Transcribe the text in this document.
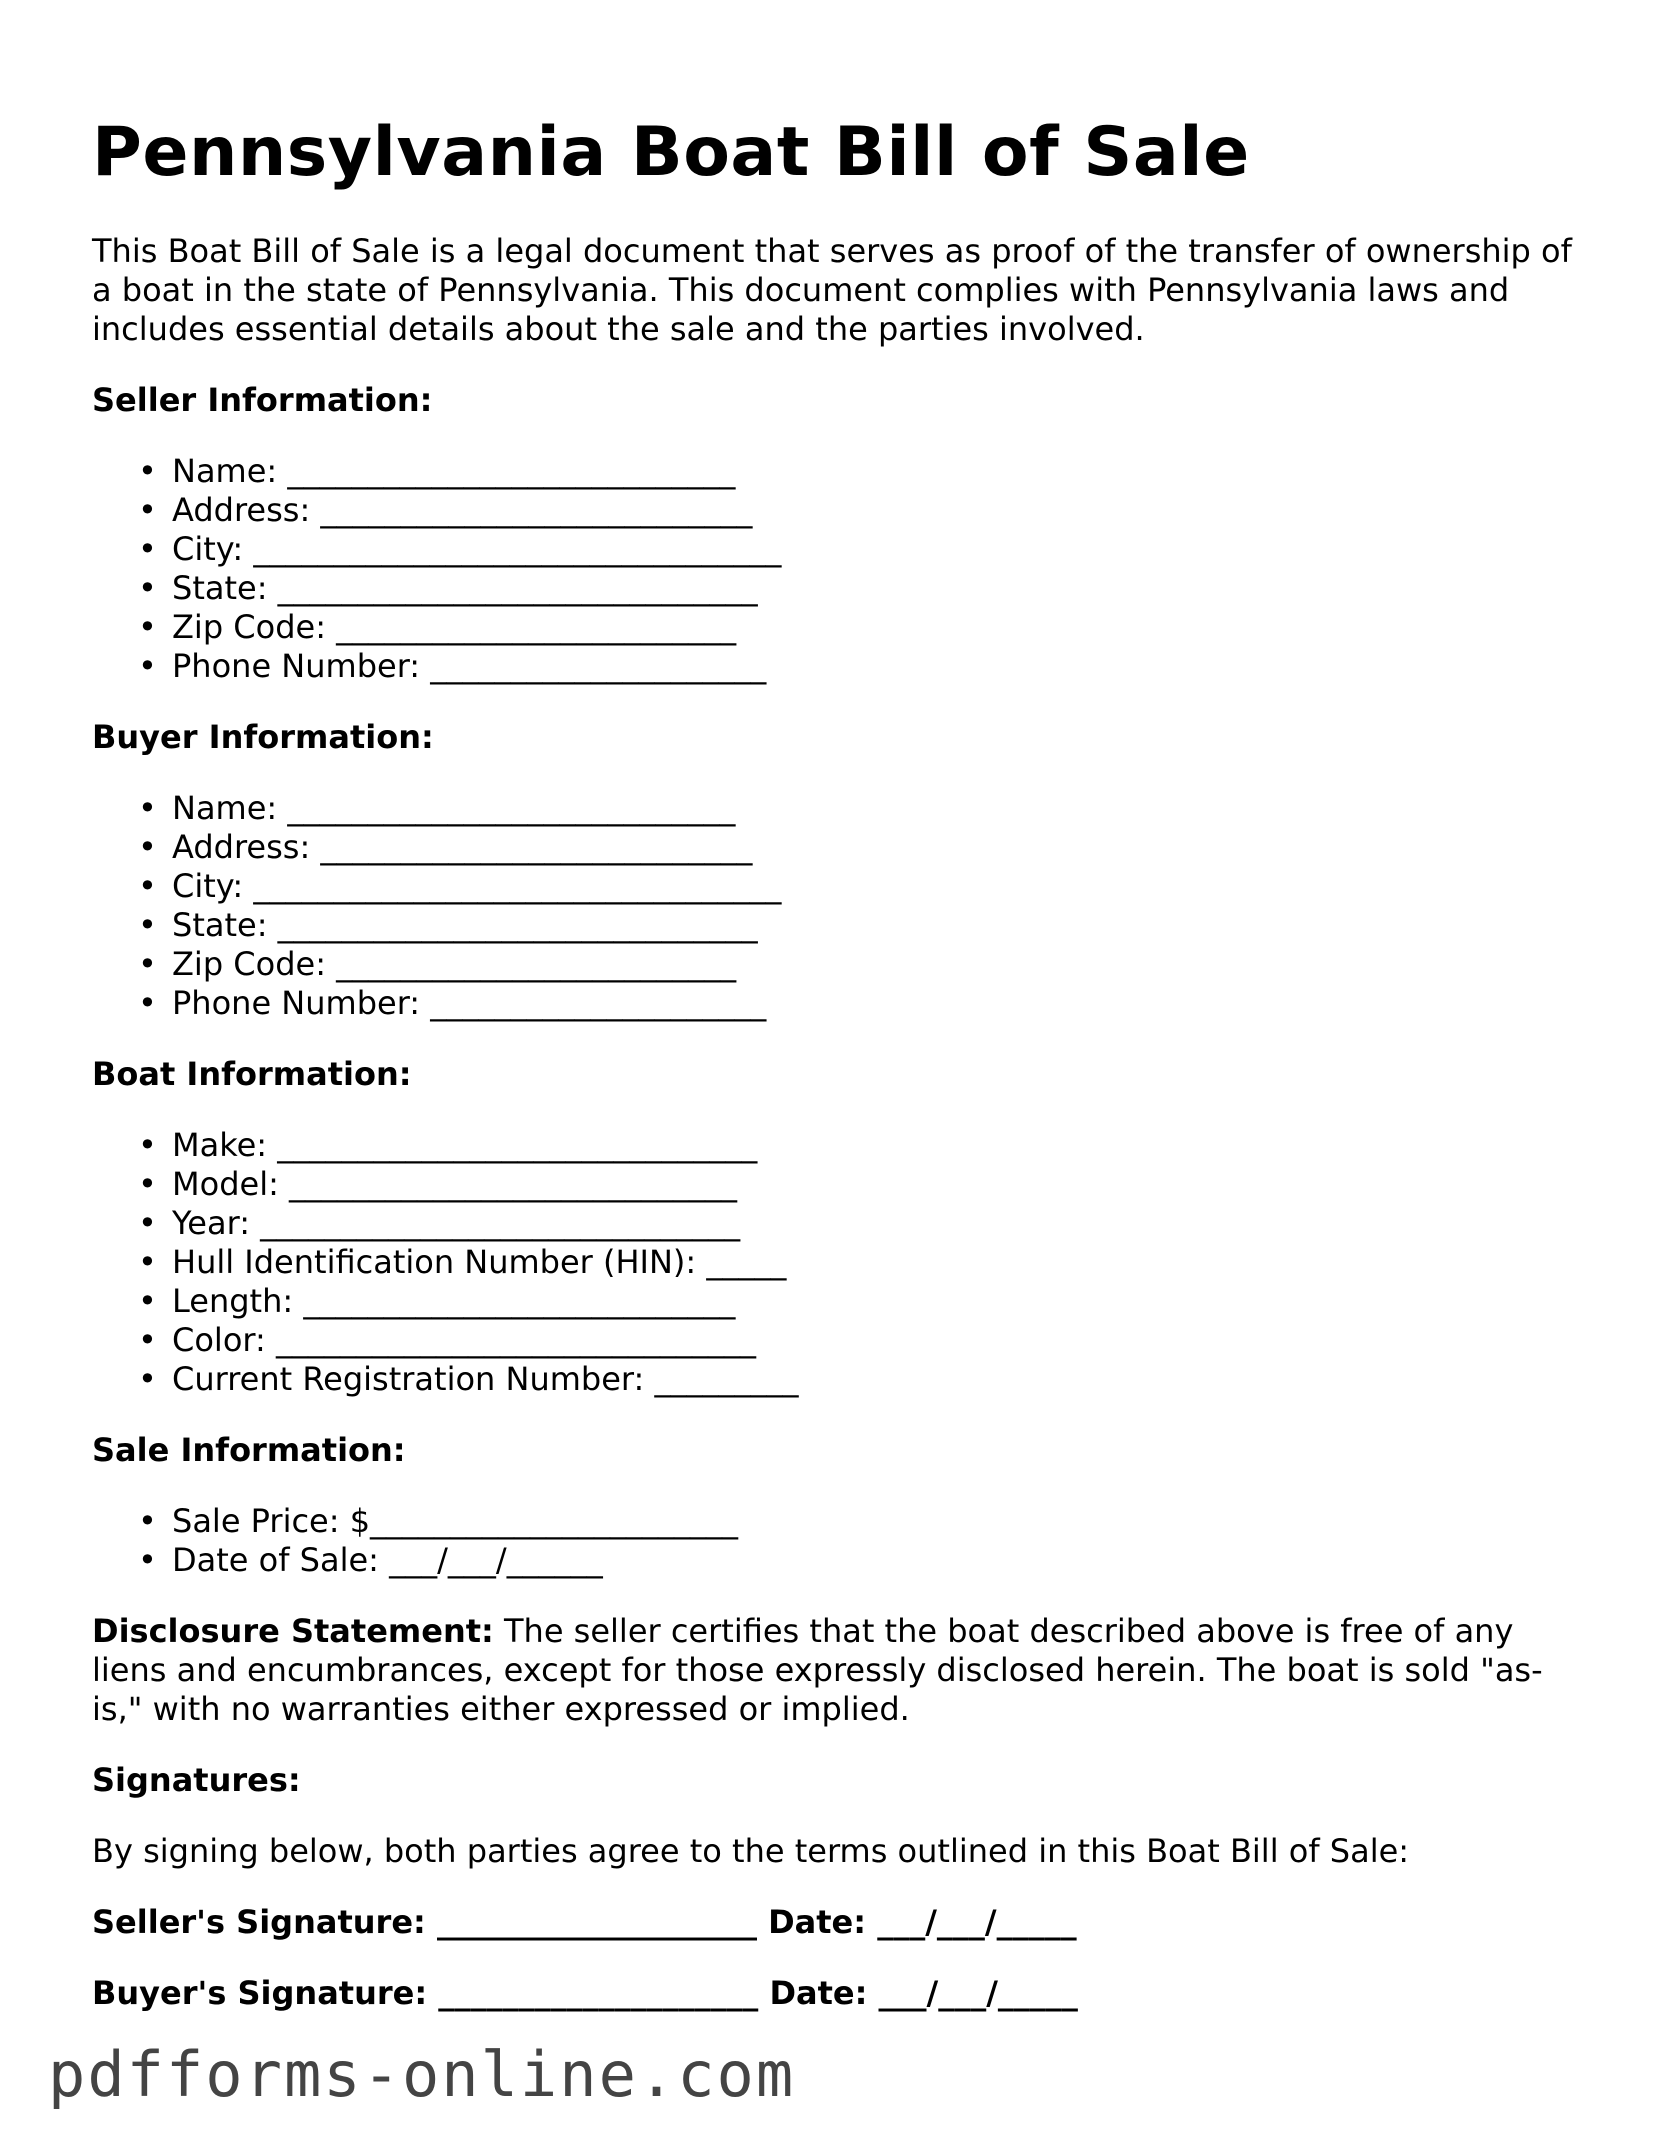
Pennsylvania Boat Bill of Sale

This Boat Bill of Sale is a legal document that serves as proof of the transfer of ownership of a boat in the state of Pennsylvania. This document complies with Pennsylvania laws and includes essential details about the sale and the parties involved.

Seller Information:
• Name: ____________________________
• Address: ___________________________
• City: _________________________________
• State: ______________________________
• Zip Code: _________________________
• Phone Number: _____________________
Buyer Information:
• Name: ____________________________
• Address: ___________________________
• City: _________________________________
• State: ______________________________
• Zip Code: _________________________
• Phone Number: _____________________
Boat Information:
• Make: ______________________________
• Model: ____________________________
• Year: ______________________________
• Hull Identification Number (HIN): _____
• Length: ___________________________
• Color: ______________________________
• Current Registration Number: _________
Sale Information:
• Sale Price: $_______________________
• Date of Sale: ___/___/______

Disclosure Statement: The seller certifies that the boat described above is free of any liens and encumbrances, except for those expressly disclosed herein. The boat is sold "as-is," with no warranties either expressed or implied.

Signatures:

By signing below, both parties agree to the terms outlined in this Boat Bill of Sale:

Seller's Signature: ____________________ Date: ___/___/_____
Buyer's Signature: ____________________ Date: ___/___/_____
pdfforms-online.com
